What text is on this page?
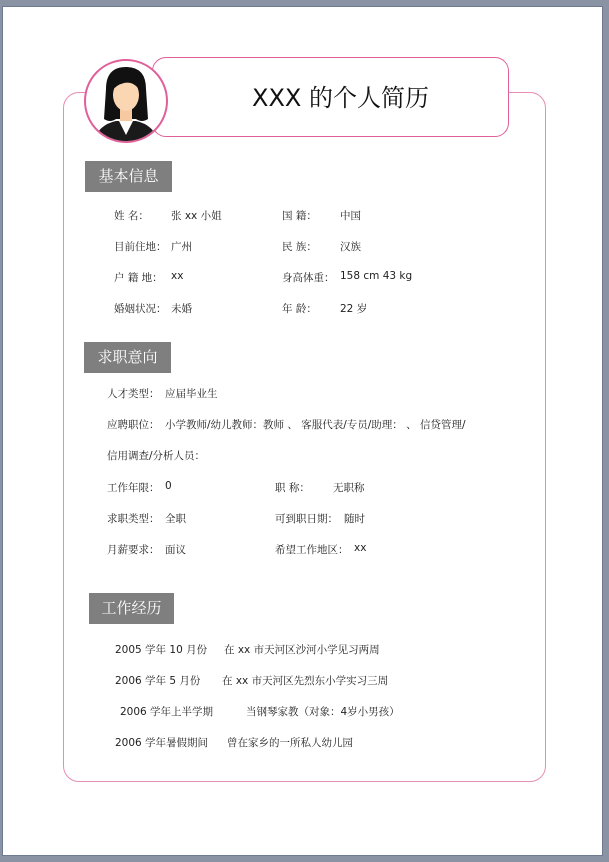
XXX 的个人简历
基本信息
姓 名： 张 xx 小姐	国 籍： 中国
目前住地： 广州	民 族： 汉族
户 籍 地： xx	身高体重： 158 cm 43 kg
婚姻状况： 未婚	年 龄： 22 岁
求职意向
人才类型： 应届毕业生
应聘职位： 小学教师/幼儿教师：教师 、 客服代表/专员/助理： 、 信贷管理/
信用调查/分析人员：
工作年限： 0	职 称： 无职称
求职类型： 全职	可到职日期： 随时
月薪要求： 面议	希望工作地区： xx
工作经历
2005 学年 10 月份 在 xx 市天河区沙河小学见习两周
2006 学年 5 月份 在 xx 市天河区先烈东小学实习三周
2006 学年上半学期	当钢琴家教（对象：4岁小男孩）
2006 学年暑假期间 曾在家乡的一所私人幼儿园
